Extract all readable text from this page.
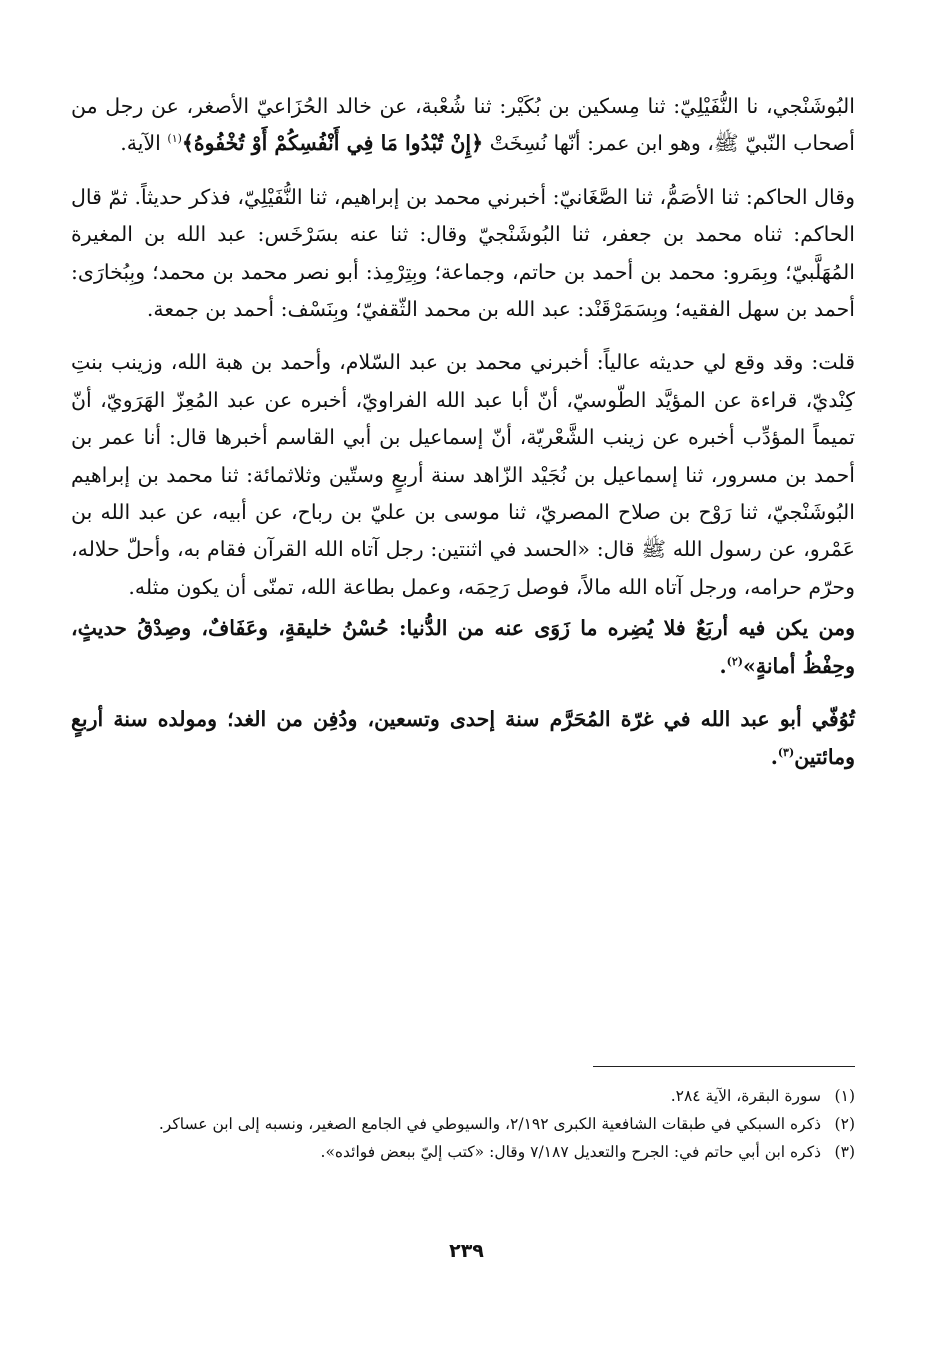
البُوشَنْجي، نا النُّفَيْلِيّ: ثنا مِسكين بن بُكَيْر: ثنا شُعْبة، عن خالد الحُزَاعيّ الأصغر، عن رجل من أصحاب النّبيّ ﷺ، وهو ابن عمر: أنّها نُسِخَتْ ﴿إِنْ تُبْدُوا مَا فِي أَنْفُسِكُمْ أَوْ تُخْفُوهُ﴾$^{(١)}$ الآية.

وقال الحاكم: ثنا الأصَمُّ، ثنا الصَّغَانيّ: أخبرني محمد بن إبراهيم، ثنا النُّفَيْلِيّ، فذكر حديثاً. ثمّ قال الحاكم: ثناه محمد بن جعفر، ثنا البُوشَنْجيّ وقال: ثنا عنه بسَرْخَس: عبد الله بن المغيرة المُهَلَّبيّ؛ وبِمَرو: محمد بن أحمد بن حاتم، وجماعة؛ وبِتِرْمِذ: أبو نصر محمد بن محمد؛ وبِبُخارَى: أحمد بن سهل الفقيه؛ وبِسَمَرْقَنْد: عبد الله بن محمد الثّقفيّ؛ وبِنَسْف: أحمد بن جمعة.

قلت: وقد وقع لي حديثه عالياً: أخبرني محمد بن عبد السّلام، وأحمد بن هبة الله، وزينب بنتِ كِنْديّ، قراءة عن المؤيَّد الطّوسيّ، أنّ أبا عبد الله الفراويّ، أخبره عن عبد المُعِزّ الهَرَويّ، أنّ تميماً المؤدِّب أخبره عن زينب الشَّعْريّة، أنّ إسماعيل بن أبي القاسم أخبرها قال: أنا عمر بن أحمد بن مسرور، ثنا إسماعيل بن نُجَيْد الزّاهد سنة أربعٍ وستّين وثلاثمائة: ثنا محمد بن إبراهيم البُوشَنْجيّ، ثنا رَوْح بن صلاح المصريّ، ثنا موسى بن عليّ بن رباح، عن أبيه، عن عبد الله بن عَمْرو، عن رسول الله ﷺ قال: «الحسد في اثنتين: رجل آتاه الله القرآن فقام به، وأحلّ حلاله، وحرّم حرامه، ورجل آتاه الله مالاً، فوصل رَحِمَه، وعمل بطاعة الله، تمنّى أن يكون مثله.

ومن يكن فيه أربَعٌ فلا يُضِره ما زَوَى عنه من الدُّنيا: حُسْنُ خليقةٍ، وعَفَافٌ، وصِدْقُ حديثٍ، وحِفْظُ أمانةٍ»$^{(٢)}$.

تُوُفّي أبو عبد الله في غرّة المُحَرَّم سنة إحدى وتسعين، ودُفِن من الغد؛ ومولده سنة أربعٍ ومائتين$^{(٣)}$.

(١)
سورة البقرة، الآية ٢٨٤.

(٢)
ذكره السبكي في طبقات الشافعية الكبرى ٢/١٩٢، والسيوطي في الجامع الصغير، ونسبه إلى ابن عساكر.

(٣)
ذكره ابن أبي حاتم في: الجرح والتعديل ٧/١٨٧ وقال: «كتب إليّ ببعض فوائده».

٢٣٩
